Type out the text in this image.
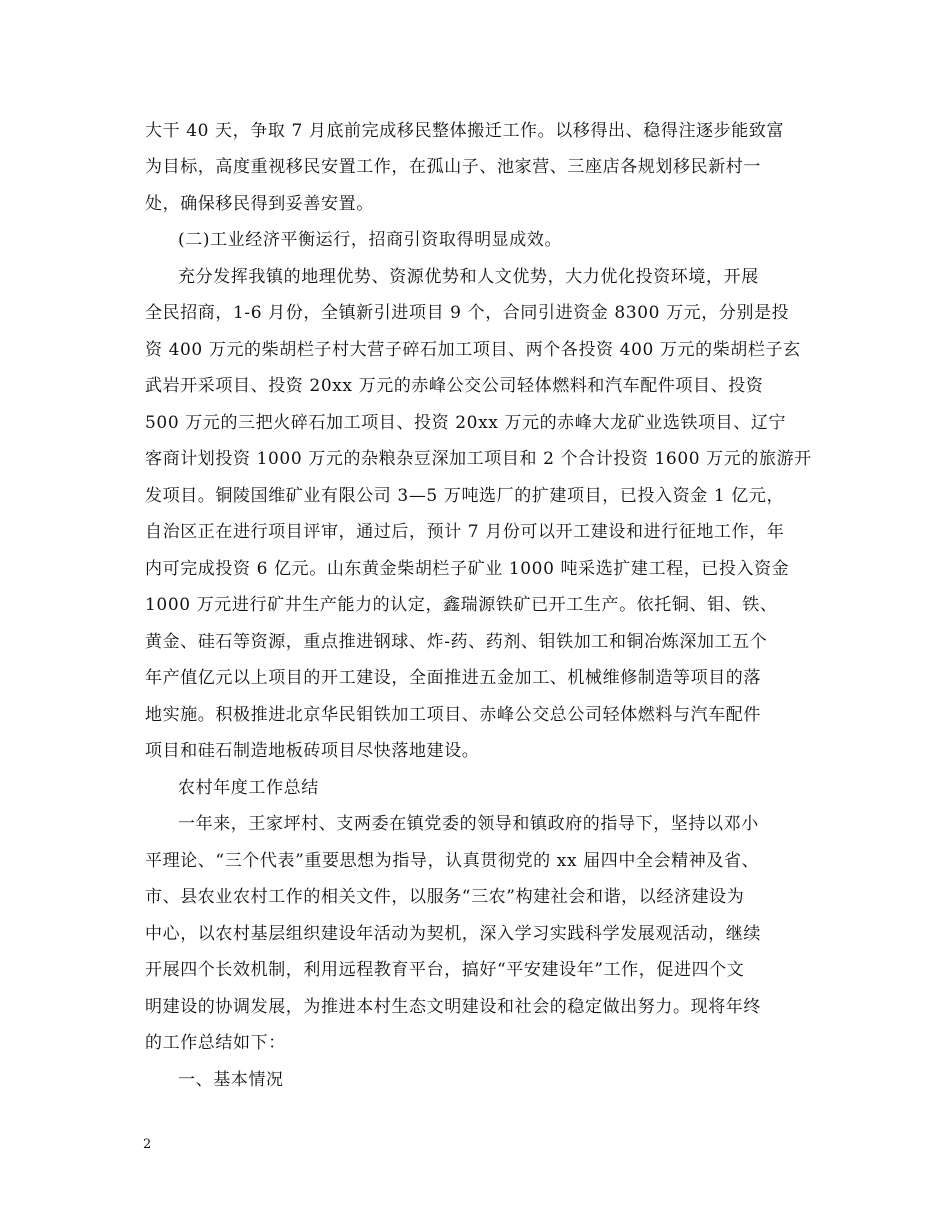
大干 40 天，争取 7 月底前完成移民整体搬迁工作。以移得出、稳得注逐步能致富
为目标，高度重视移民安置工作，在孤山子、池家营、三座店各规划移民新村一
处，确保移民得到妥善安置。
(二)工业经济平衡运行，招商引资取得明显成效。
充分发挥我镇的地理优势、资源优势和人文优势，大力优化投资环境，开展
全民招商，1-6 月份，全镇新引进项目 9 个，合同引进资金 8300 万元，分别是投
资 400 万元的柴胡栏子村大营子碎石加工项目、两个各投资 400 万元的柴胡栏子玄
武岩开采项目、投资 20xx 万元的赤峰公交公司轻体燃料和汽车配件项目、投资
500 万元的三把火碎石加工项目、投资 20xx 万元的赤峰大龙矿业选铁项目、辽宁
客商计划投资 1000 万元的杂粮杂豆深加工项目和 2 个合计投资 1600 万元的旅游开
发项目。铜陵国维矿业有限公司 3—5 万吨选厂的扩建项目，已投入资金 1 亿元，
自治区正在进行项目评审，通过后，预计 7 月份可以开工建设和进行征地工作，年
内可完成投资 6 亿元。山东黄金柴胡栏子矿业 1000 吨采选扩建工程，已投入资金
1000 万元进行矿井生产能力的认定，鑫瑞源铁矿已开工生产。依托铜、钼、铁、
黄金、硅石等资源，重点推进钢球、炸-药、药剂、钼铁加工和铜冶炼深加工五个
年产值亿元以上项目的开工建设，全面推进五金加工、机械维修制造等项目的落
地实施。积极推进北京华民钼铁加工项目、赤峰公交总公司轻体燃料与汽车配件
项目和硅石制造地板砖项目尽快落地建设。
农村年度工作总结
一年来，王家坪村、支两委在镇党委的领导和镇政府的指导下，坚持以邓小
平理论、“三个代表”重要思想为指导，认真贯彻党的 xx 届四中全会精神及省、
市、县农业农村工作的相关文件，以服务“三农”构建社会和谐，以经济建设为
中心，以农村基层组织建设年活动为契机，深入学习实践科学发展观活动，继续
开展四个长效机制，利用远程教育平台，搞好“平安建设年”工作，促进四个文
明建设的协调发展，为推进本村生态文明建设和社会的稳定做出努力。现将年终
的工作总结如下：
一、基本情况
2
